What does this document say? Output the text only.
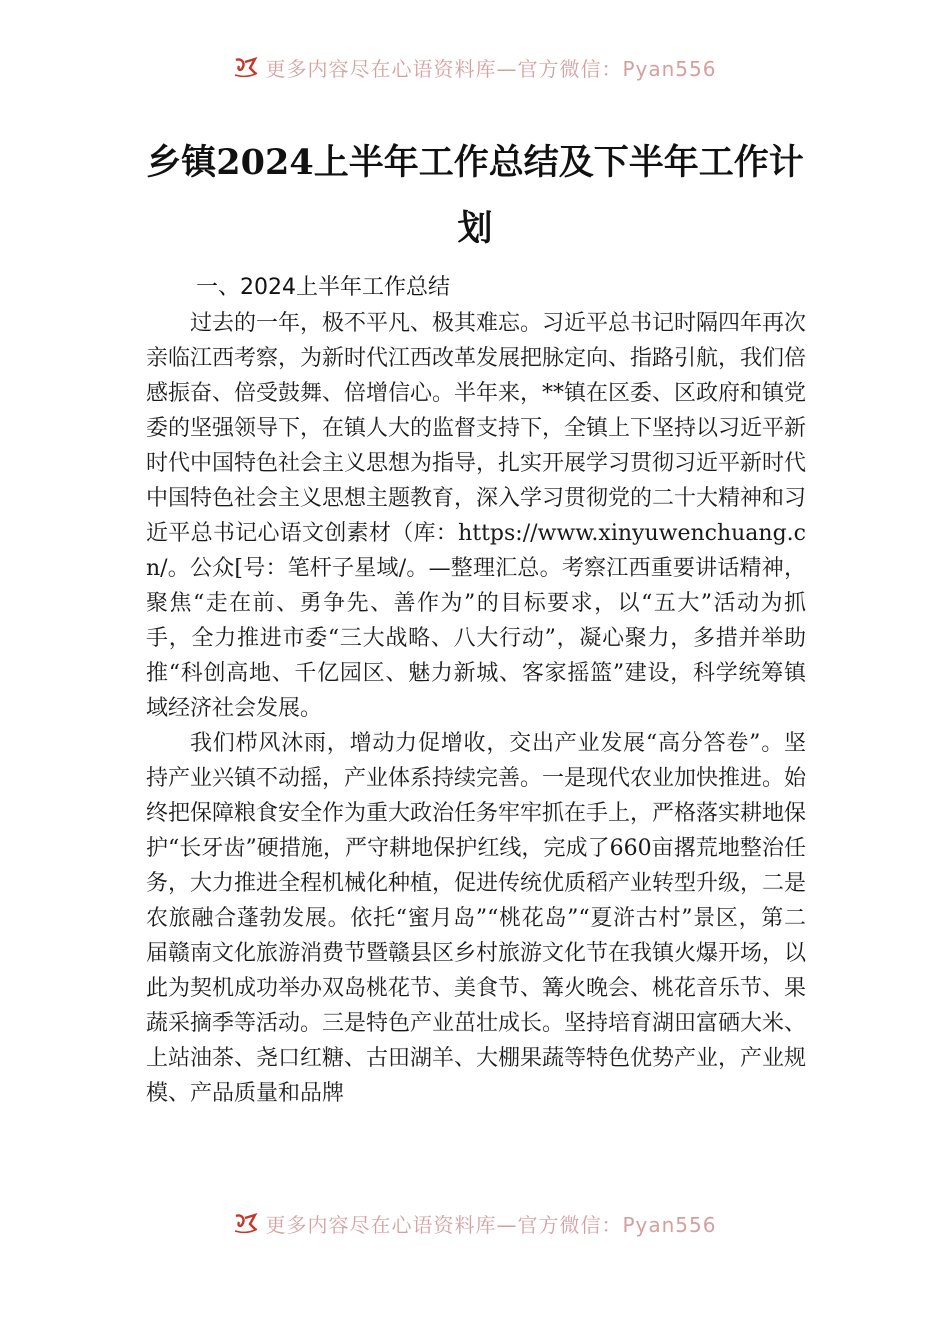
更多内容尽在心语资料库—官方微信：Pyan556
乡镇2024上半年工作总结及下半年工作计划

一、2024上半年工作总结

过去的一年，极不平凡、极其难忘。习近平总书记时隔四年再次亲临江西考察，为新时代江西改革发展把脉定向、指路引航，我们倍感振奋、倍受鼓舞、倍增信心。半年来，**镇在区委、区政府和镇党委的坚强领导下，在镇人大的监督支持下，全镇上下坚持以习近平新时代中国特色社会主义思想为指导，扎实开展学习贯彻习近平新时代中国特色社会主义思想主题教育，深入学习贯彻党的二十大精神和习近平总书记心语文创素材（库：https://www.xinyuwenchuang.cn/。公众[号：笔杆子星域/。—整理汇总。考察江西重要讲话精神，聚焦“走在前、勇争先、善作为”的目标要求，以“五大”活动为抓手，全力推进市委“三大战略、八大行动”，凝心聚力，多措并举助推“科创高地、千亿园区、魅力新城、客家摇篮”建设，科学统筹镇域经济社会发展。

我们栉风沐雨，增动力促增收，交出产业发展“高分答卷”。坚持产业兴镇不动摇，产业体系持续完善。一是现代农业加快推进。始终把保障粮食安全作为重大政治任务牢牢抓在手上，严格落实耕地保护“长牙齿”硬措施，严守耕地保护红线，完成了660亩撂荒地整治任务，大力推进全程机械化种植，促进传统优质稻产业转型升级，二是农旅融合蓬勃发展。依托“蜜月岛”“桃花岛”“夏浒古村”景区，第二届赣南文化旅游消费节暨赣县区乡村旅游文化节在我镇火爆开场，以此为契机成功举办双岛桃花节、美食节、篝火晚会、桃花音乐节、果蔬采摘季等活动。三是特色产业茁壮成长。坚持培育湖田富硒大米、上站油茶、尧口红糖、古田湖羊、大棚果蔬等特色优势产业，产业规模、产品质量和品牌

更多内容尽在心语资料库—官方微信：Pyan556
